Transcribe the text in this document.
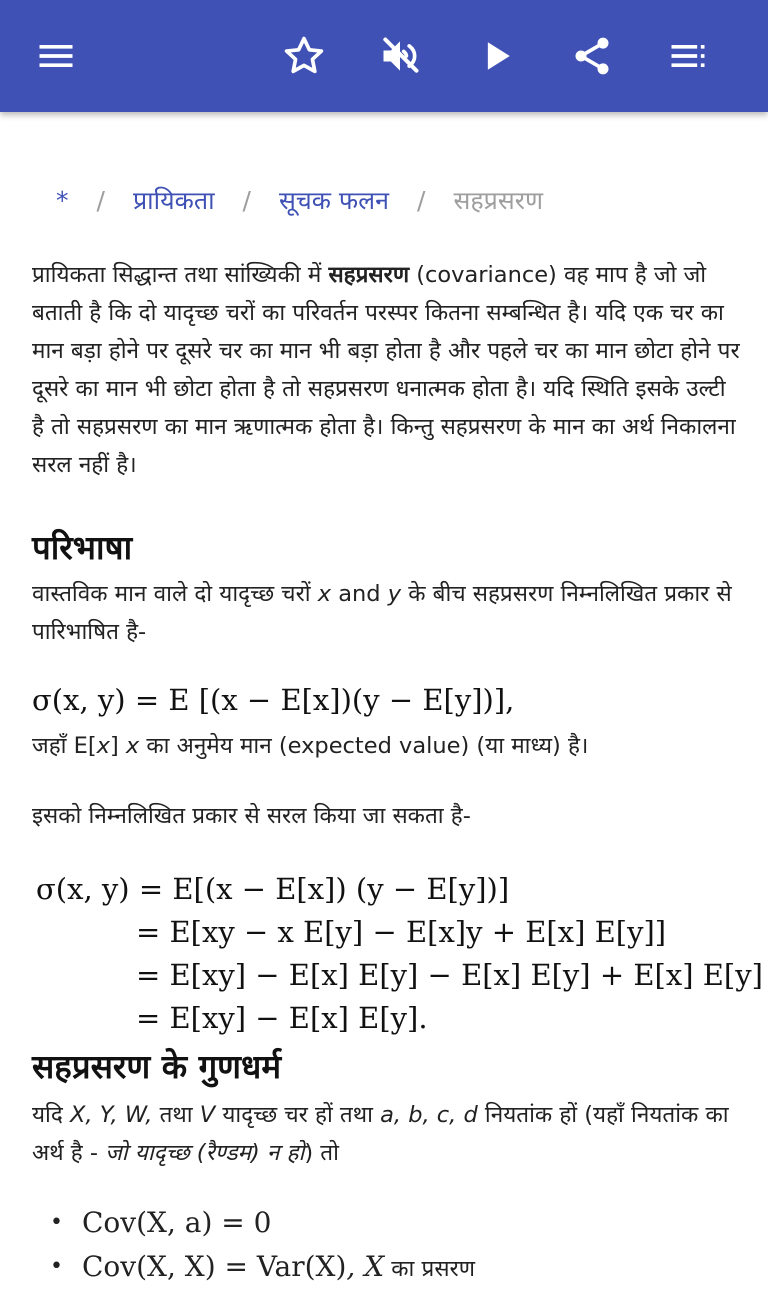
* / प्रायिकता / सूचक फलन / सहप्रसरण

प्रायिकता सिद्धान्त तथा सांख्यिकी में सहप्रसरण (covariance) वह माप है जो जो बताती है कि दो यादृच्छ चरों का परिवर्तन परस्पर कितना सम्बन्धित है। यदि एक चर का मान बड़ा होने पर दूसरे चर का मान भी बड़ा होता है और पहले चर का मान छोटा होने पर दूसरे का मान भी छोटा होता है तो सहप्रसरण धनात्मक होता है। यदि स्थिति इसके उल्टी है तो सहप्रसरण का मान ऋणात्मक होता है। किन्तु सहप्रसरण के मान का अर्थ निकालना सरल नहीं है।

परिभाषा

वास्तविक मान वाले दो यादृच्छ चरों x and y के बीच सहप्रसरण निम्नलिखित प्रकार से पारिभाषित है-

σ(x, y) = E [(x − E[x])(y − E[y])],

जहाँ E[x] x का अनुमेय मान (expected value) (या माध्य) है।

इसको निम्नलिखित प्रकार से सरल किया जा सकता है-

σ(x, y) = E[(x − E[x]) (y − E[y])]
= E[xy − x E[y] − E[x]y + E[x] E[y]]
= E[xy] − E[x] E[y] − E[x] E[y] + E[x] E[y]
= E[xy] − E[x] E[y].
सहप्रसरण के गुणधर्म

यदि X, Y, W, तथा V यादृच्छ चर हों तथा a, b, c, d नियतांक हों (यहाँ नियतांक का अर्थ है - जो यादृच्छ (रैण्डम) न हो) तो

• Cov(X, a) = 0
• Cov(X, X) = Var(X), X का प्रसरण
